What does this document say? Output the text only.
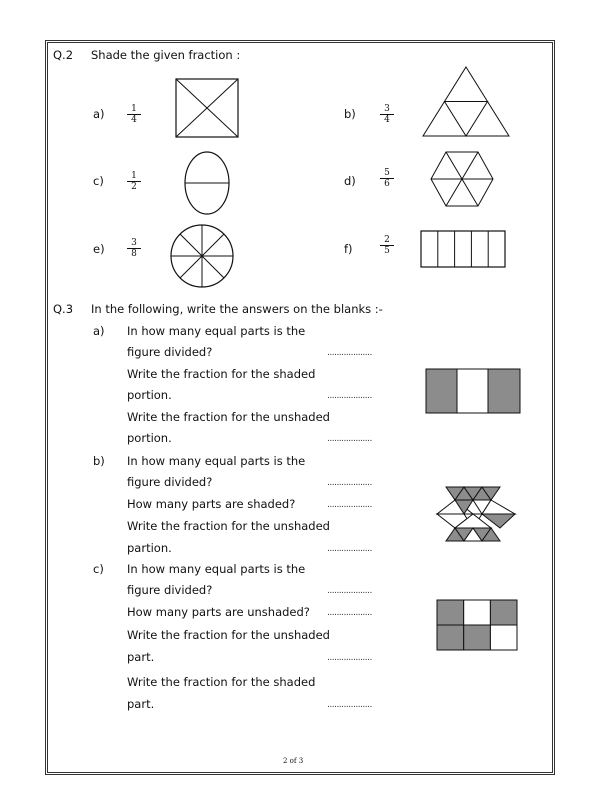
Q.2 Shade the given fraction :
$a) \frac{1}{4}$	b)	$\frac{3}{4}$
c)	$\frac{1}{2}$	d)	$\frac{5}{6}$
$e) \frac{3}{8}$	f)	$\frac{2}{5}$
Q.3 In the following, write the answers on the blanks :-
a) In how many equal parts is the
figure divided?	...................
Write the fraction for the shaded
portion.	...................
Write the fraction for the unshaded
portion.	...................
b) In how many equal parts is the
figure divided?	...................
How many parts are shaded?	...................
Write the fraction for the unshaded
partion.	...................
c) In how many equal parts is the
figure divided?	...................
How many parts are unshaded? ...................
Write the fraction for the unshaded
part.	...................
Write the fraction for the shaded
part.	...................
2 of 3
